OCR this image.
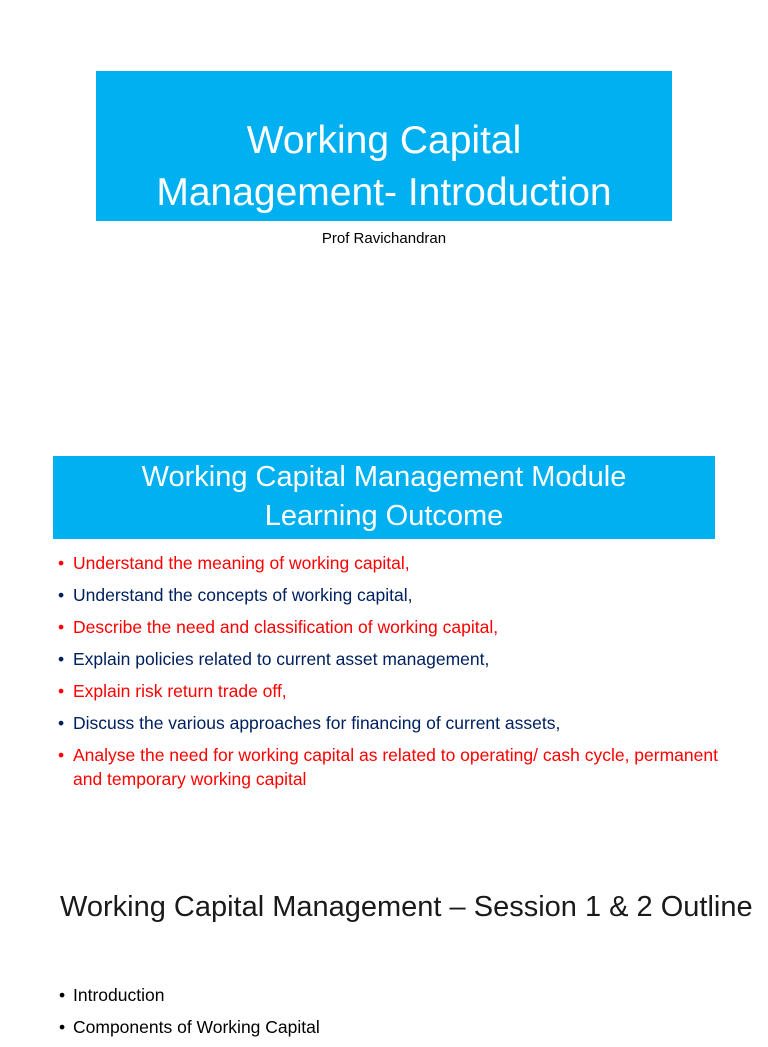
Working Capital
Management- Introduction
Prof Ravichandran
Working Capital Management Module
Learning Outcome
• Understand the meaning of working capital,
• Understand the concepts of working capital,
• Describe the need and classification of working capital,
• Explain policies related to current asset management,
• Explain risk return trade off,
• Discuss the various approaches for financing of current assets,
• Analyse the need for working capital as related to operating/ cash cycle, permanent and temporary working capital
Working Capital Management – Session 1 & 2 Outline
• Introduction
• Components of Working Capital
